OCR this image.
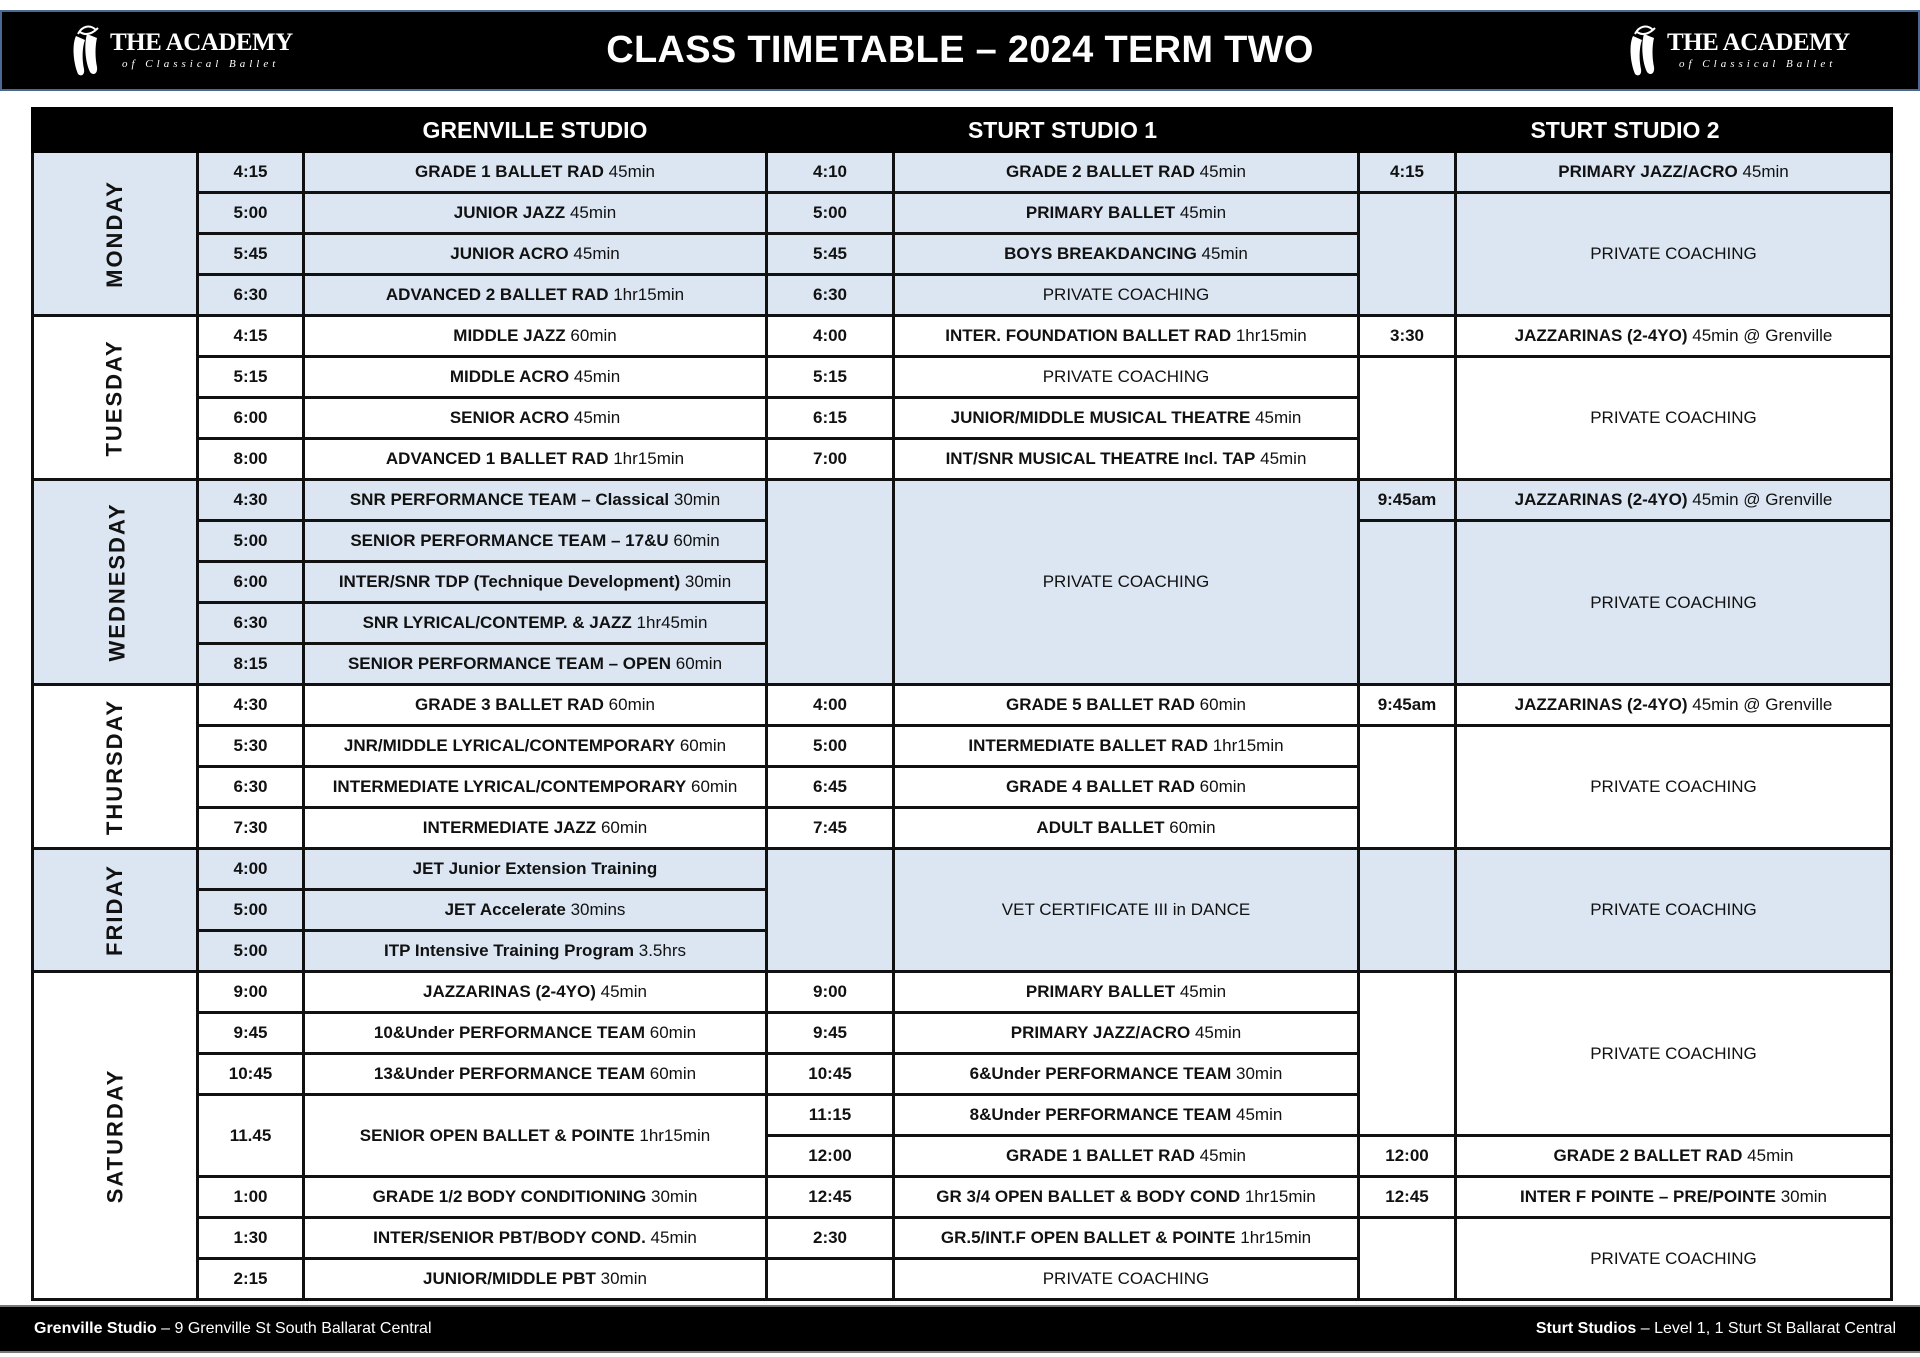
THE ACADEMY
of Classical Ballet	CLASS TIMETABLE – 2024 TERM TWO	THE ACADEMY
of Classical Ballet
		GRENVILLE STUDIO	STURT STUDIO 1		STURT STUDIO 2	
MONDAY	4:15	GRADE 1 BALLET RAD 45min	4:10	GRADE 2 BALLET RAD 45min	4:15	PRIMARY JAZZ/ACRO 45min
	5:00	JUNIOR JAZZ 45min	5:00	PRIMARY BALLET 45min		PRIVATE COACHING
	5:45	JUNIOR ACRO 45min	5:45	BOYS BREAKDANCING 45min		
	6:30	ADVANCED 2 BALLET RAD 1hr15min	6:30	PRIVATE COACHING		
TUESDAY	4:15	MIDDLE JAZZ 60min	4:00	INTER. FOUNDATION BALLET RAD 1hr15min	3:30	JAZZARINAS (2-4YO) 45min @ Grenville
	5:15	MIDDLE ACRO 45min	5:15	PRIVATE COACHING		PRIVATE COACHING
	6:00	SENIOR ACRO 45min	6:15	JUNIOR/MIDDLE MUSICAL THEATRE 45min		
	8:00	ADVANCED 1 BALLET RAD 1hr15min	7:00	INT/SNR MUSICAL THEATRE Incl. TAP 45min		
WEDNESDAY	4:30	SNR PERFORMANCE TEAM – Classical 30min		PRIVATE COACHING	9:45am	JAZZARINAS (2-4YO) 45min @ Grenville
	5:00	SENIOR PERFORMANCE TEAM – 17&U 60min				PRIVATE COACHING
	6:00	INTER/SNR TDP (Technique Development) 30min				
	6:30	SNR LYRICAL/CONTEMP. & JAZZ 1hr45min				
	8:15	SENIOR PERFORMANCE TEAM – OPEN 60min				
THURSDAY	4:30	GRADE 3 BALLET RAD 60min	4:00	GRADE 5 BALLET RAD 60min	9:45am	JAZZARINAS (2-4YO) 45min @ Grenville
	5:30	JNR/MIDDLE LYRICAL/CONTEMPORARY 60min	5:00	INTERMEDIATE BALLET RAD 1hr15min		PRIVATE COACHING
	6:30	INTERMEDIATE LYRICAL/CONTEMPORARY 60min	6:45	GRADE 4 BALLET RAD 60min		
	7:30	INTERMEDIATE JAZZ 60min	7:45	ADULT BALLET 60min		
FRIDAY	4:00	JET Junior Extension Training		VET CERTIFICATE III in DANCE		PRIVATE COACHING
	5:00	JET Accelerate 30mins				
	5:00	ITP Intensive Training Program 3.5hrs				
SATURDAY	9:00	JAZZARINAS (2-4YO) 45min	9:00	PRIMARY BALLET 45min		PRIVATE COACHING
	9:45	10&Under PERFORMANCE TEAM 60min	9:45	PRIMARY JAZZ/ACRO 45min		
	10:45	13&Under PERFORMANCE TEAM 60min	10:45	6&Under PERFORMANCE TEAM 30min		
	11.45	SENIOR OPEN BALLET & POINTE 1hr15min	11:15	8&Under PERFORMANCE TEAM 45min		
			12:00	GRADE 1 BALLET RAD 45min	12:00	GRADE 2 BALLET RAD 45min
	1:00	GRADE 1/2 BODY CONDITIONING 30min	12:45	GR 3/4 OPEN BALLET & BODY COND 1hr15min	12:45	INTER F POINTE – PRE/POINTE 30min
	1:30	INTER/SENIOR PBT/BODY COND. 45min	2:30	GR.5/INT.F OPEN BALLET & POINTE 1hr15min		PRIVATE COACHING
	2:15	JUNIOR/MIDDLE PBT 30min		PRIVATE COACHING		
Grenville Studio – 9 Grenville St South Ballarat Central	Sturt Studios – Level 1, 1 Sturt St Ballarat Central
